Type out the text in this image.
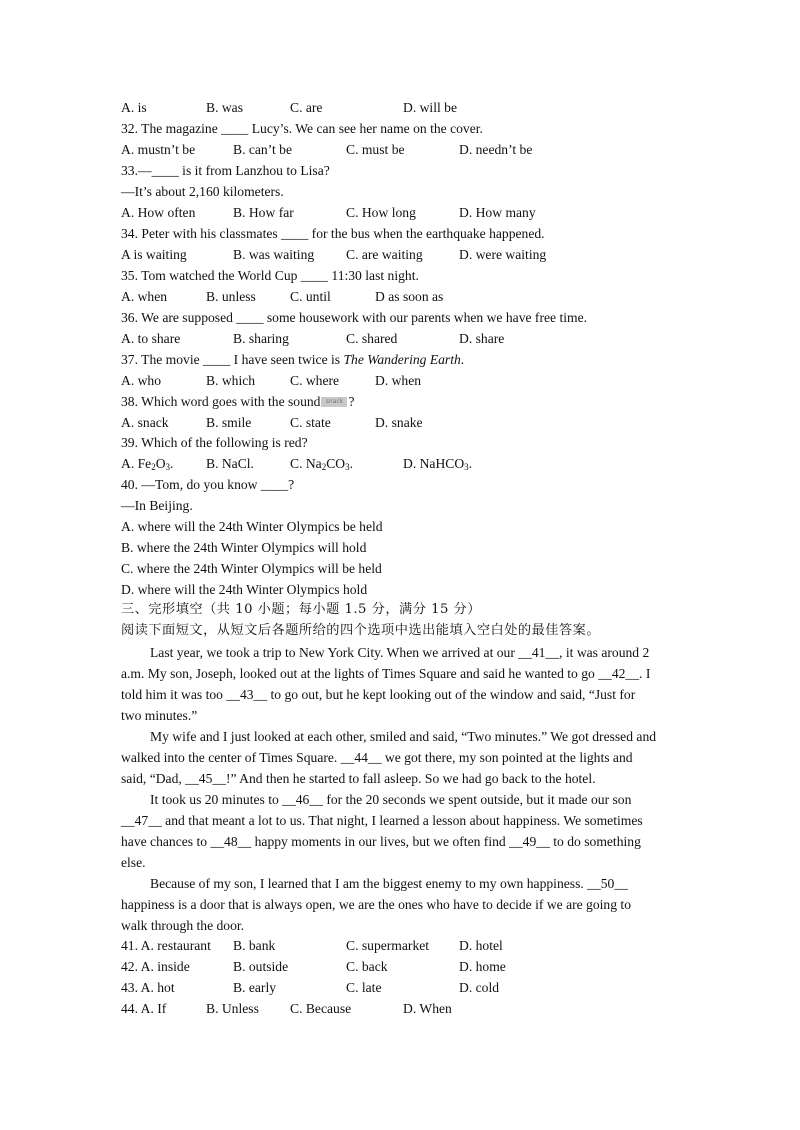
A. is	B. was	C. are	D. will be
32. The magazine ____ Lucy’s. We can see her name on the cover.
A. mustn’t be	B. can’t be	C. must be	D. needn’t be
33.—____ is it from Lanzhou to Lisa?
—It’s about 2,160 kilometers.
A. How often	B. How far	C. How long	D. How many
34. Peter with his classmates ____ for the bus when the earthquake happened.
A is waiting	B. was waiting C. are waiting	D. were waiting
35. Tom watched the World Cup ____ 11:30 last night.
A. when	B. unless	C. until	D as soon as
36. We are supposed ____ some housework with our parents when we have free time.
A. to share	B. sharing	C. shared	D. share
37. The movie ____ I have seen twice is The Wandering Earth.
A. who	B. which	C. where	D. when
38. Which word goes with the sound snack ?
A. snack	B. smile	C. state	D. snake
39. Which of the following is red?
A. $Fe_2O_3$. B. NaCl.	C. $Na_2CO_3$.	D. NaHCO$_3$.
40. —Tom, do you know ____?
—In Beijing.
A. where will the 24th Winter Olympics be held
B. where the 24th Winter Olympics will hold
C. where the 24th Winter Olympics will be held
D. where will the 24th Winter Olympics hold
三、完形填空（共 10 小题；每小题 1.5 分，满分 15 分）
阅读下面短文，从短文后各题所给的四个选项中选出能填入空白处的最佳答案。
Last year, we took a trip to New York City. When we arrived at our __41__, it was around 2
a.m. My son, Joseph, looked out at the lights of Times Square and said he wanted to go __42__. I
told him it was too __43__ to go out, but he kept looking out of the window and said, “Just for
two minutes.”
My wife and I just looked at each other, smiled and said, “Two minutes.” We got dressed and
walked into the center of Times Square. __44__ we got there, my son pointed at the lights and
said, “Dad, __45__!” And then he started to fall asleep. So we had go back to the hotel.
It took us 20 minutes to __46__ for the 20 seconds we spent outside, but it made our son
__47__ and that meant a lot to us. That night, I learned a lesson about happiness. We sometimes
have chances to __48__ happy moments in our lives, but we often find __49__ to do something
else.
Because of my son, I learned that I am the biggest enemy to my own happiness. __50__
happiness is a door that is always open, we are the ones who have to decide if we are going to
walk through the door.
41. A. restaurant B. bank	C. supermarket D. hotel
42. A. inside	B. outside	C. back	D. home
43. A. hot	B. early	C. late	D. cold
44. A. If	B. Unless C. Because	D. When
